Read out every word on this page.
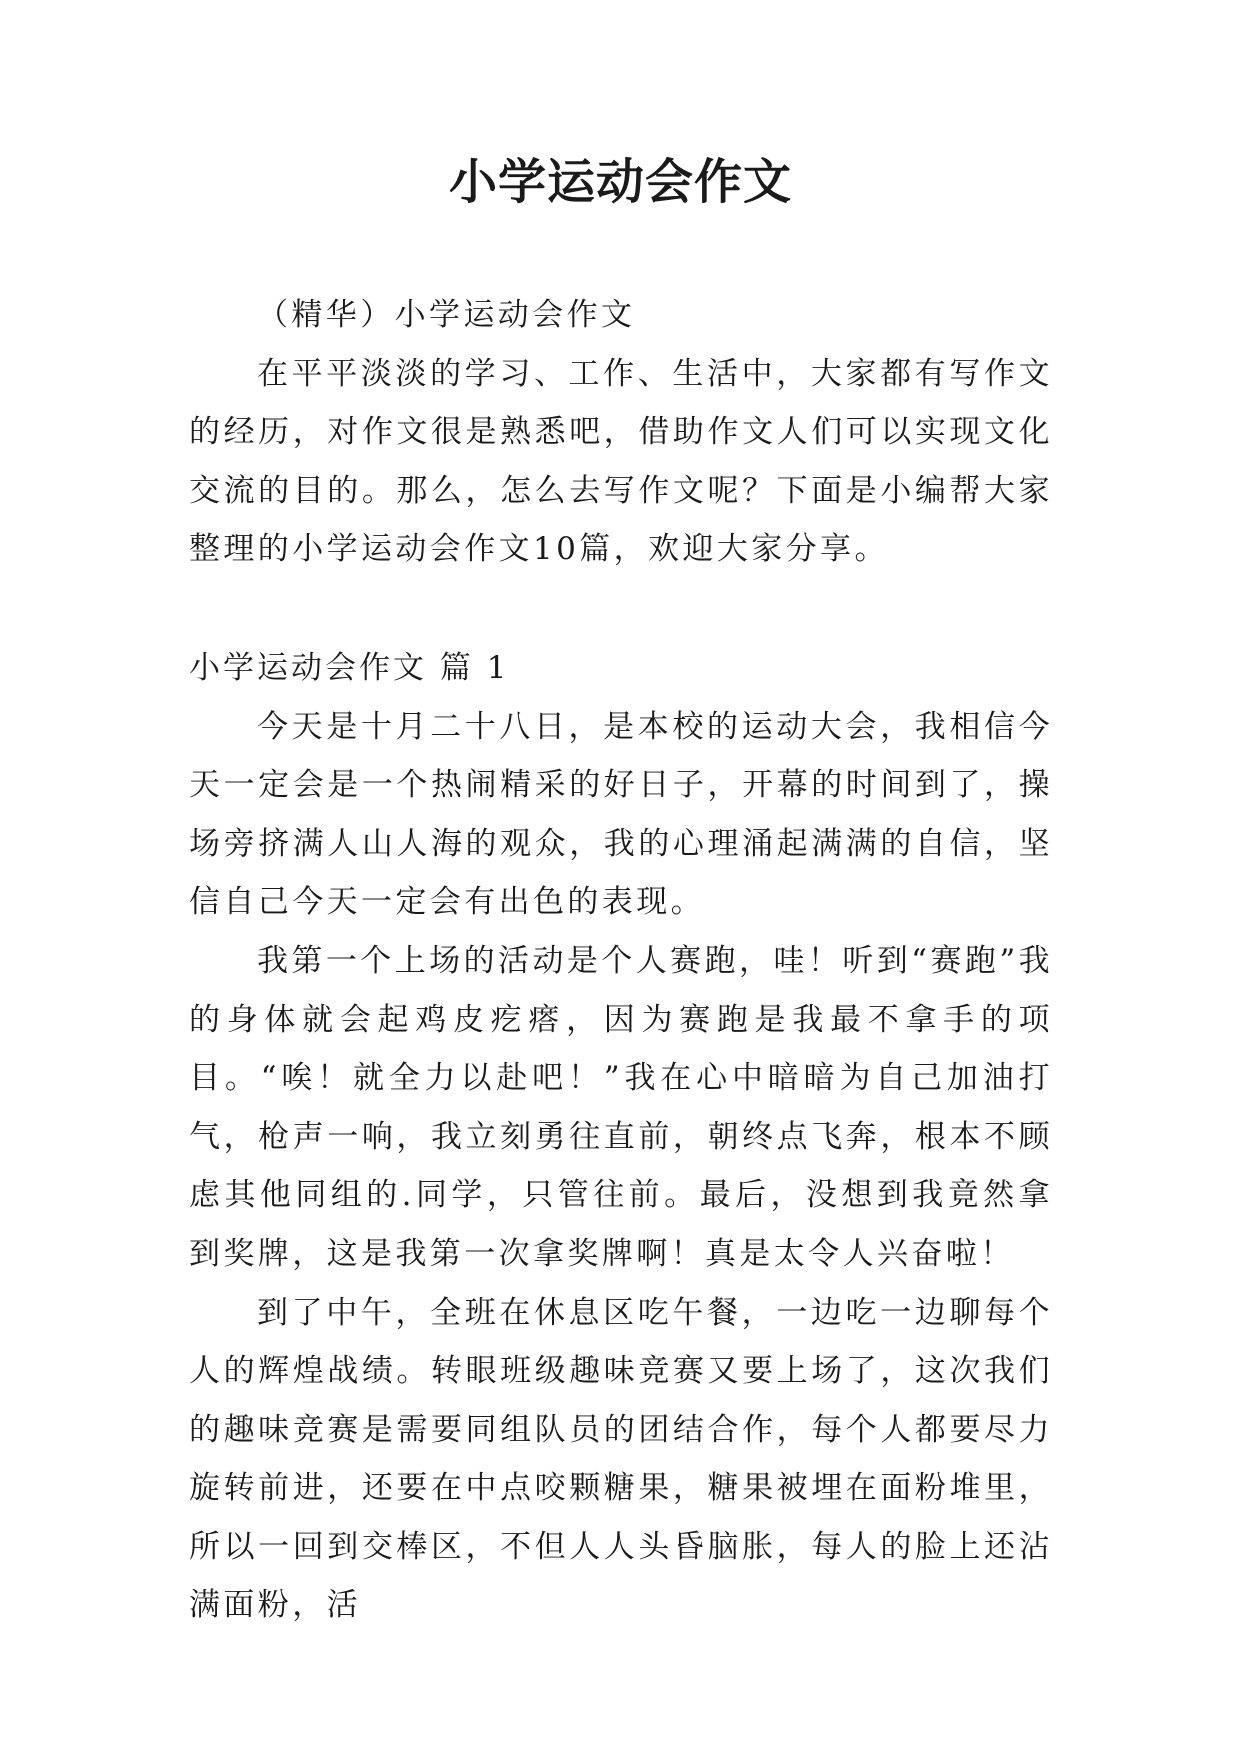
小学运动会作文

（精华）小学运动会作文

在平平淡淡的学习、工作、生活中，大家都有写作文的经历，对作文很是熟悉吧，借助作文人们可以实现文化交流的目的。那么，怎么去写作文呢？下面是小编帮大家整理的小学运动会作文10篇，欢迎大家分享。

小学运动会作文 篇 1

今天是十月二十八日，是本校的运动大会，我相信今天一定会是一个热闹精采的好日子，开幕的时间到了，操场旁挤满人山人海的观众，我的心理涌起满满的自信，坚信自己今天一定会有出色的表现。

我第一个上场的活动是个人赛跑，哇！听到“赛跑”我的身体就会起鸡皮疙瘩，因为赛跑是我最不拿手的项目。“唉！就全力以赴吧！”我在心中暗暗为自己加油打气，枪声一响，我立刻勇往直前，朝终点飞奔，根本不顾虑其他同组的.同学，只管往前。最后，没想到我竟然拿到奖牌，这是我第一次拿奖牌啊！真是太令人兴奋啦！

到了中午，全班在休息区吃午餐，一边吃一边聊每个人的辉煌战绩。转眼班级趣味竞赛又要上场了，这次我们的趣味竞赛是需要同组队员的团结合作，每个人都要尽力旋转前进，还要在中点咬颗糖果，糖果被埋在面粉堆里，所以一回到交棒区，不但人人头昏脑胀，每人的脸上还沾满面粉，活
